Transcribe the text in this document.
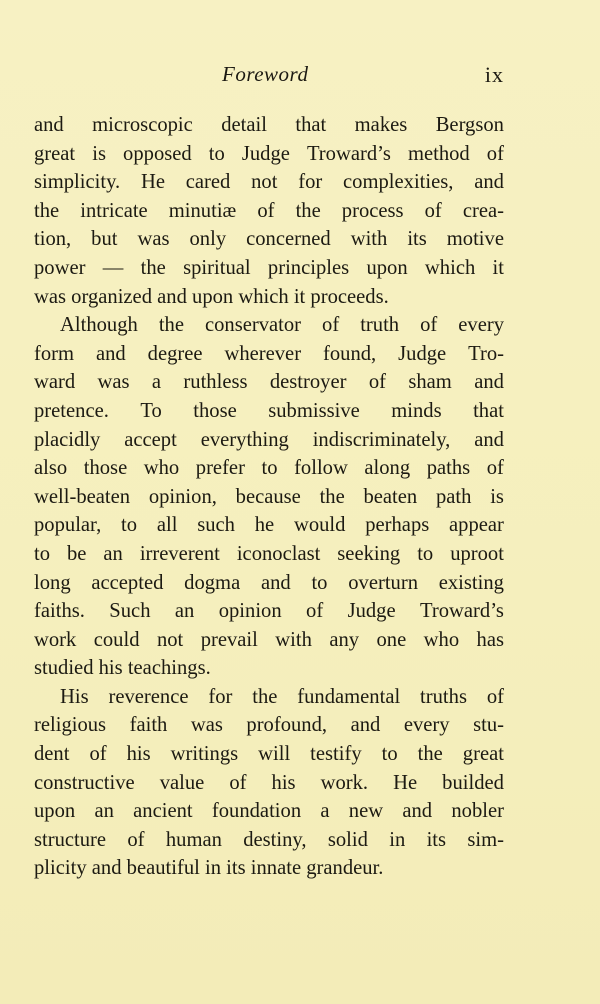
Foreword	ix

and microscopic detail that makes Bergson
great is opposed to Judge Troward’s method of
simplicity. He cared not for complexities, and
the intricate minutiæ of the process of crea-
tion, but was only concerned with its motive
power — the spiritual principles upon which it
was organized and upon which it proceeds.

Although the conservator of truth of every
form and degree wherever found, Judge Tro-
ward was a ruthless destroyer of sham and
pretence. To those submissive minds that
placidly accept everything indiscriminately, and
also those who prefer to follow along paths of
well-beaten opinion, because the beaten path is
popular, to all such he would perhaps appear
to be an irreverent iconoclast seeking to uproot
long accepted dogma and to overturn existing
faiths. Such an opinion of Judge Troward’s
work could not prevail with any one who has
studied his teachings.

His reverence for the fundamental truths of
religious faith was profound, and every stu-
dent of his writings will testify to the great
constructive value of his work. He builded
upon an ancient foundation a new and nobler
structure of human destiny, solid in its sim-
plicity and beautiful in its innate grandeur.
